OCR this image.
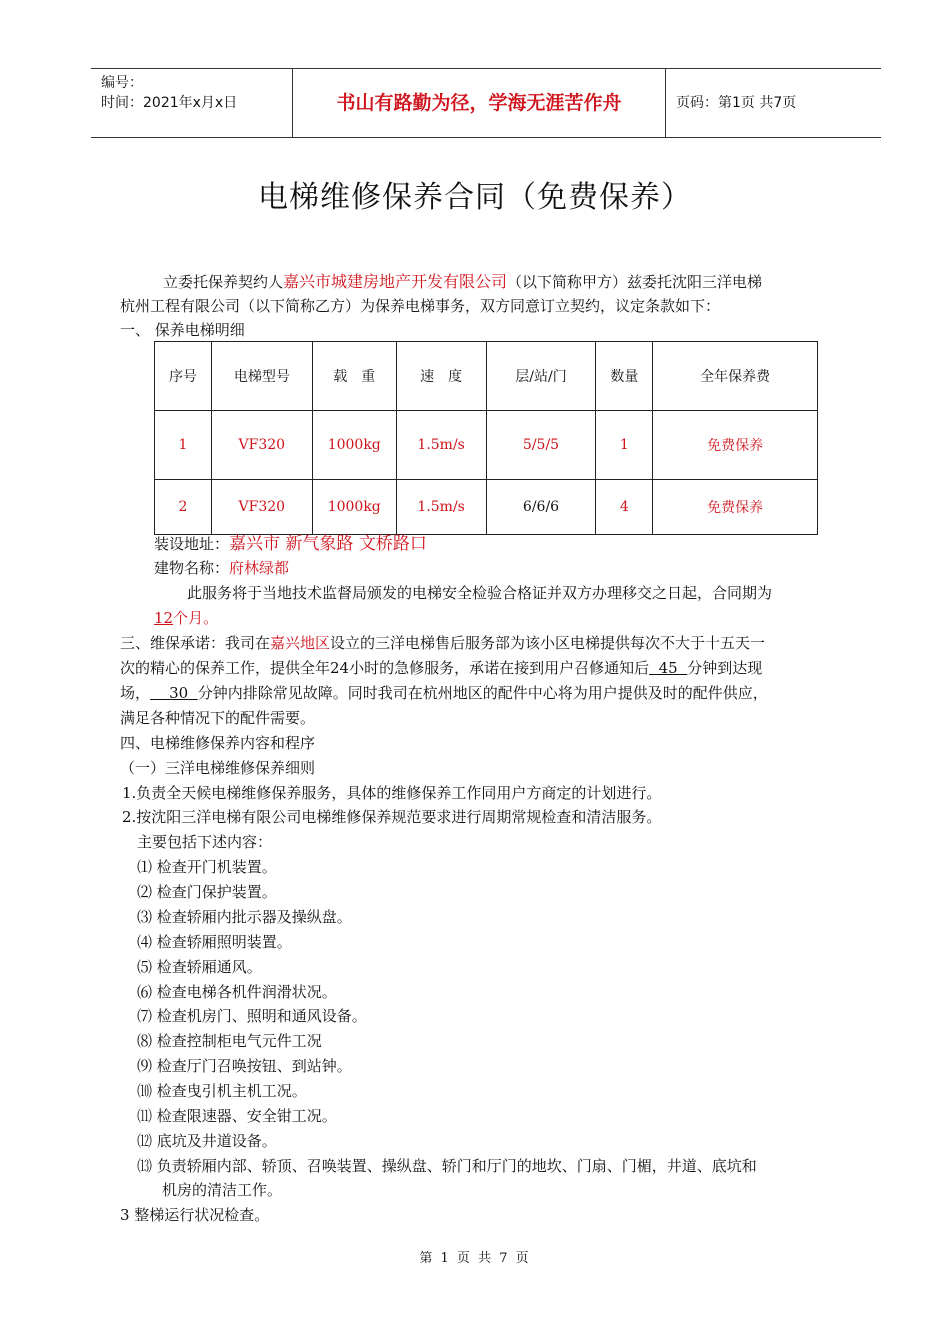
编号：
时间：2021年x月x日	书山有路勤为径，学海无涯苦作舟	页码：第1页 共7页
电梯维修保养合同（免费保养）
立委托保养契约人嘉兴市城建房地产开发有限公司（以下简称甲方）兹委托沈阳三洋电梯
杭州工程有限公司（以下简称乙方）为保养电梯事务，双方同意订立契约，议定条款如下：
一、 保养电梯明细
序号	电梯型号	载　重	速　度	层/站/门	数量	全年保养费
1	VF320	1000kg	1.5m/s	5/5/5	1	免费保养
2	VF320	1000kg	1.5m/s	6/6/6	4	免费保养
装设地址：嘉兴市 新气象路 文桥路口
建物名称：府林绿都
此服务将于当地技术监督局颁发的电梯安全检验合格证并双方办理移交之日起，合同期为
12个月。
三、维保承诺：我司在嘉兴地区设立的三洋电梯售后服务部为该小区电梯提供每次不大于十五天一
次的精心的保养工作，提供全年24小时的急修服务，承诺在接到用户召修通知后  45  分钟到达现
场，    30  分钟内排除常见故障。同时我司在杭州地区的配件中心将为用户提供及时的配件供应，
满足各种情况下的配件需要。
四、电梯维修保养内容和程序
（一）三洋电梯维修保养细则
1.负责全天候电梯维修保养服务，具体的维修保养工作同用户方商定的计划进行。
2.按沈阳三洋电梯有限公司电梯维修保养规范要求进行周期常规检查和清洁服务。
主要包括下述内容：
⑴ 检查开门机装置。
⑵ 检查门保护装置。
⑶ 检查轿厢内批示器及操纵盘。
⑷ 检查轿厢照明装置。
⑸ 检查轿厢通风。
⑹ 检查电梯各机件润滑状况。
⑺ 检查机房门、照明和通风设备。
⑻ 检查控制柜电气元件工况
⑼ 检查厅门召唤按钮、到站钟。
⑽ 检查曳引机主机工况。
⑾ 检查限速器、安全钳工况。
⑿ 底坑及井道设备。
⒀ 负责轿厢内部、轿顶、召唤装置、操纵盘、轿门和厅门的地坎、门扇、门楣，井道、底坑和
机房的清洁工作。
3 整梯运行状况检查。
第 1 页 共 7 页
